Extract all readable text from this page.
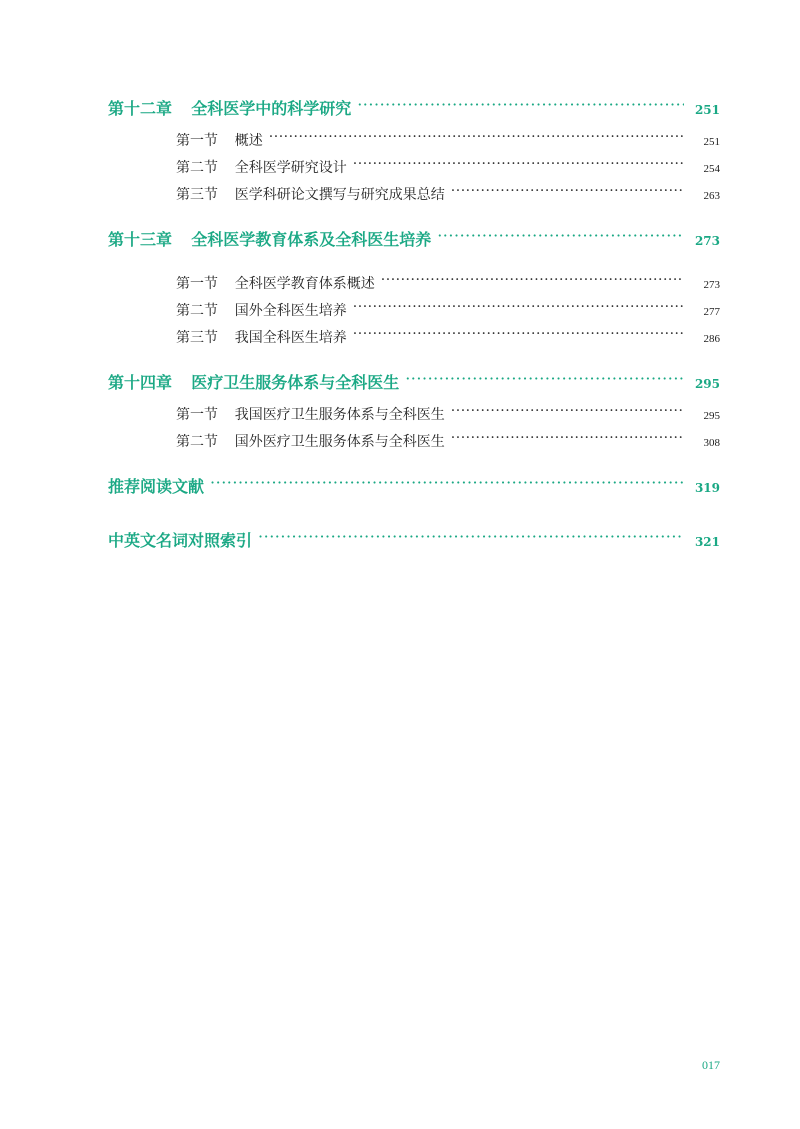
第十二章 全科医学中的科学研究 ·····	251
第一节 概述 ·····	251
第二节 全科医学研究设计 ·····	254
第三节 医学科研论文撰写与研究成果总结 ·····	263
第十三章 全科医学教育体系及全科医生培养 ·····	273
第一节 全科医学教育体系概述 ·····	273
第二节 国外全科医生培养 ·····	277
第三节 我国全科医生培养 ·····	286
第十四章 医疗卫生服务体系与全科医生 ·····	295
第一节 我国医疗卫生服务体系与全科医生 ·····	295
第二节 国外医疗卫生服务体系与全科医生 ·····	308
推荐阅读文献 ·····	319
中英文名词对照索引 ·····	321
017
